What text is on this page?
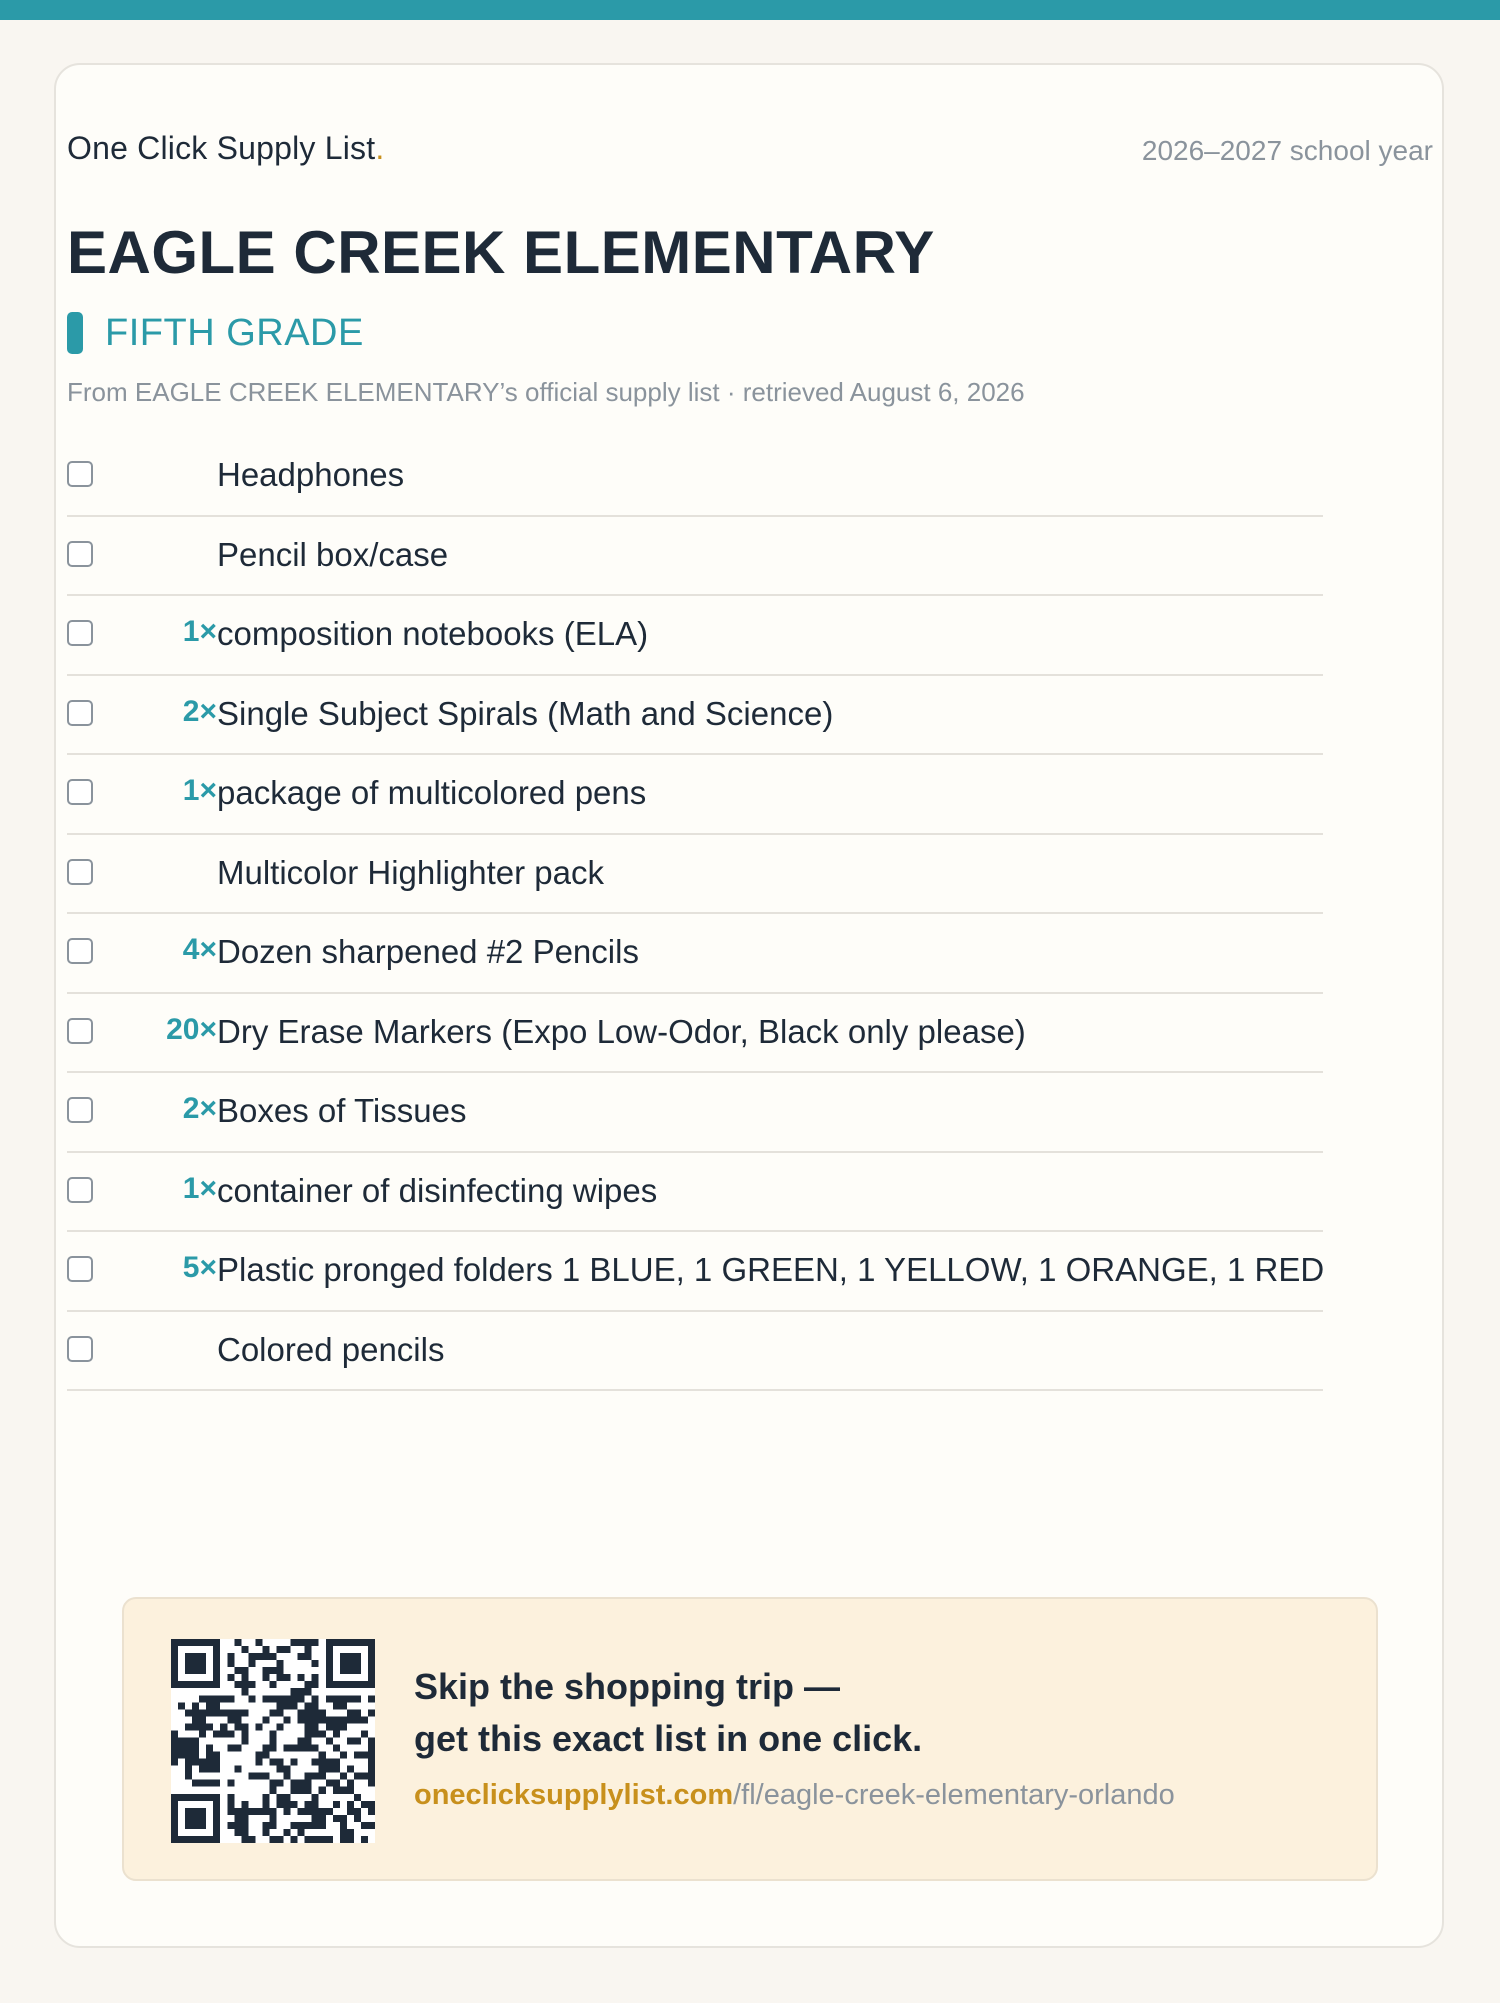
One Click Supply List.	2026–2027 school year
EAGLE CREEK ELEMENTARY
FIFTH GRADE
From EAGLE CREEK ELEMENTARY’s official supply list · retrieved August 6, 2026
Headphones
Pencil box/case
1× composition notebooks (ELA)
2× Single Subject Spirals (Math and Science)
1× package of multicolored pens
Multicolor Highlighter pack
4× Dozen sharpened #2 Pencils
20× Dry Erase Markers (Expo Low-Odor, Black only please)
2× Boxes of Tissues
1× container of disinfecting wipes
5× Plastic pronged folders 1 BLUE, 1 GREEN, 1 YELLOW, 1 ORANGE, 1 RED
Colored pencils
Skip the shopping trip —
get this exact list in one click.
oneclicksupplylist.com/fl/eagle-creek-elementary-orlando
